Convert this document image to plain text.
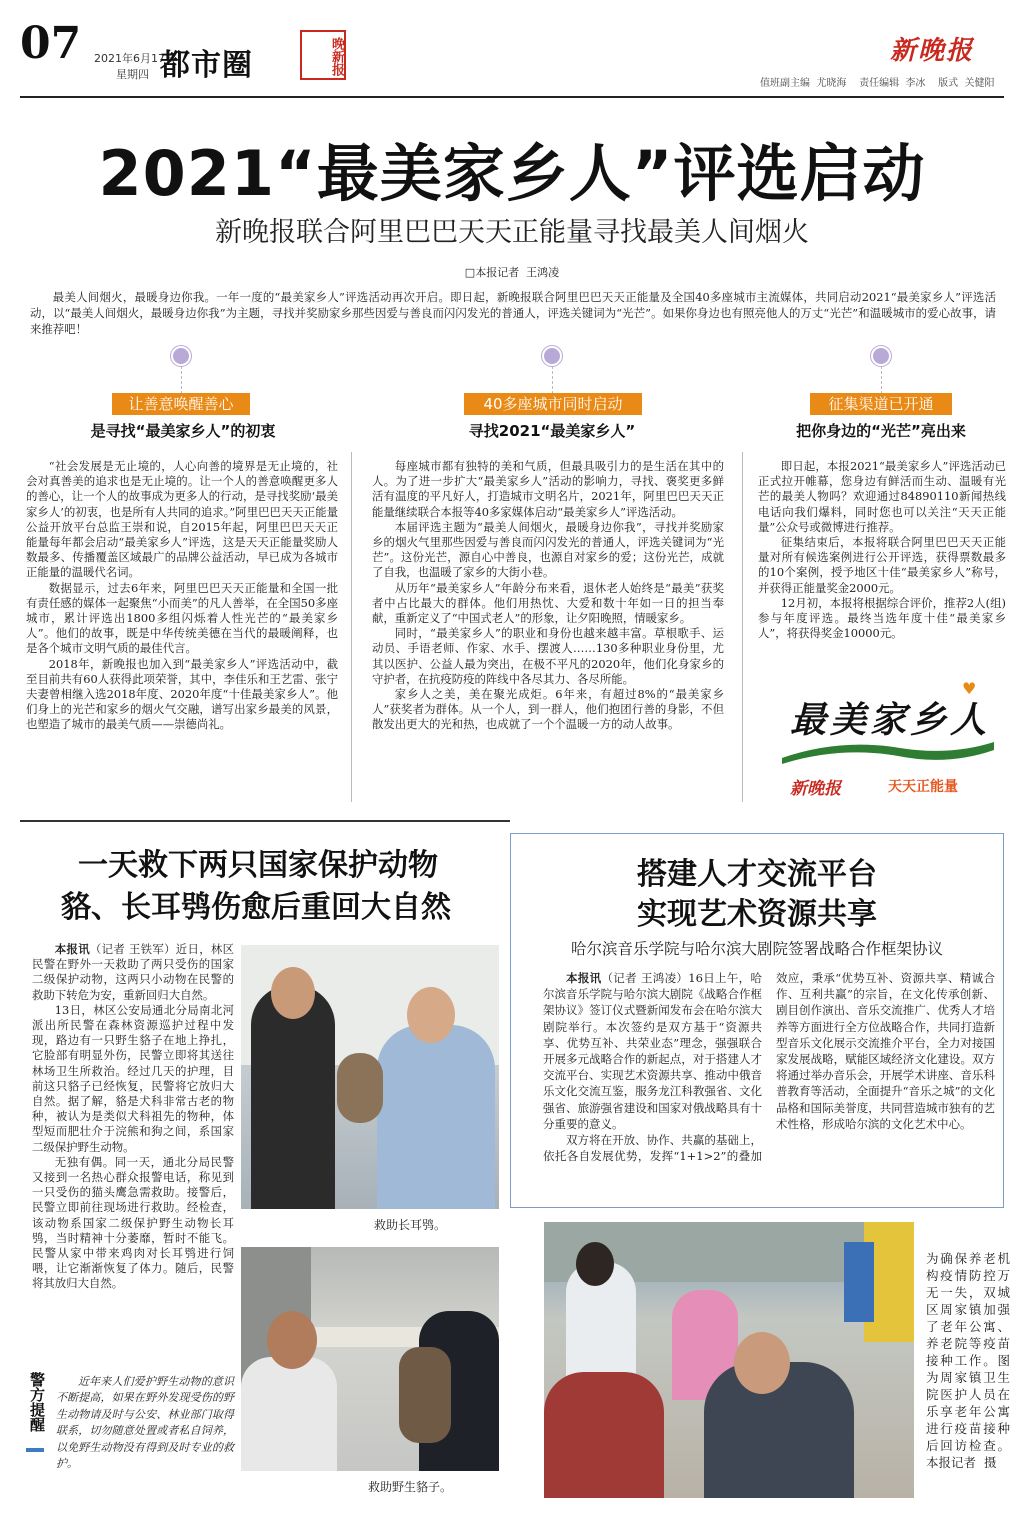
07 2021年6月17日
星期四 都市圈	晚新报	新晚报
值班副主编  尤晓海    责任编辑  李冰    版式  关健阳
2021“最美家乡人”评选启动
新晚报联合阿里巴巴天天正能量寻找最美人间烟火
□本报记者  王鸿凌

最美人间烟火，最暖身边你我。一年一度的“最美家乡人”评选活动再次开启。即日起，新晚报联合阿里巴巴天天正能量及全国40多座城市主流媒体，共同启动2021“最美家乡人”评选活动，以“最美人间烟火，最暖身边你我”为主题，寻找并奖励家乡那些因爱与善良而闪闪发光的普通人，评选关键词为“光芒”。如果你身边也有照亮他人的万丈“光芒”和温暖城市的爱心故事，请来推荐吧！

让善意唤醒善心
是寻找“最美家乡人”的初衷

“社会发展是无止境的，人心向善的境界是无止境的，社会对真善美的追求也是无止境的。让一个人的善意唤醒更多人的善心，让一个人的故事成为更多人的行动，是寻找奖励‘最美家乡人’的初衷，也是所有人共同的追求。”阿里巴巴天天正能量公益开放平台总监王崇和说，自2015年起，阿里巴巴天天正能量每年都会启动“最美家乡人”评选，这是天天正能量奖励人数最多、传播覆盖区域最广的品牌公益活动，早已成为各城市正能量的温暖代名词。

数据显示，过去6年来，阿里巴巴天天正能量和全国一批有责任感的媒体一起聚焦“小而美”的凡人善举，在全国50多座城市，累计评选出1800多组闪烁着人性光芒的“最美家乡人”。他们的故事，既是中华传统美德在当代的最暖阐释，也是各个城市文明气质的最佳代言。

2018年，新晚报也加入到“最美家乡人”评选活动中，截至目前共有60人获得此项荣誉，其中，李佳乐和王艺雷、张宁夫妻曾相继入选2018年度、2020年度“十佳最美家乡人”。他们身上的光芒和家乡的烟火气交融，谱写出家乡最美的风景，也塑造了城市的最美气质——崇德尚礼。

40多座城市同时启动
寻找2021“最美家乡人”

每座城市都有独特的美和气质，但最具吸引力的是生活在其中的人。为了进一步扩大“最美家乡人”活动的影响力，寻找、褒奖更多鲜活有温度的平凡好人，打造城市文明名片，2021年，阿里巴巴天天正能量继续联合本报等40多家媒体启动“最美家乡人”评选活动。

本届评选主题为“最美人间烟火，最暖身边你我”，寻找并奖励家乡的烟火气里那些因爱与善良而闪闪发光的普通人，评选关键词为“光芒”。这份光芒，源自心中善良，也源自对家乡的爱；这份光芒，成就了自我，也温暖了家乡的大街小巷。

从历年“最美家乡人”年龄分布来看，退休老人始终是“最美”获奖者中占比最大的群体。他们用热忱、大爱和数十年如一日的担当奉献，重新定义了“中国式老人”的形象，让夕阳晚照，情暖家乡。

同时，“最美家乡人”的职业和身份也越来越丰富。草根歌手、运动员、手语老师、作家、水手、摆渡人……130多种职业身份里，尤其以医护、公益人最为突出，在极不平凡的2020年，他们化身家乡的守护者，在抗疫防疫的阵线中各尽其力、各尽所能。

家乡人之美，美在聚光成炬。6年来，有超过8%的“最美家乡人”获奖者为群体。从一个人，到一群人，他们抱团行善的身影，不但散发出更大的光和热，也成就了一个个温暖一方的动人故事。

征集渠道已开通
把你身边的“光芒”亮出来

即日起，本报2021“最美家乡人”评选活动已正式拉开帷幕，您身边有鲜活而生动、温暖有光芒的最美人物吗？欢迎通过84890110新闻热线电话向我们爆料，同时您也可以关注“天天正能量”公众号或微博进行推荐。

征集结束后，本报将联合阿里巴巴天天正能量对所有候选案例进行公开评选，获得票数最多的10个案例，授予地区十佳“最美家乡人”称号，并获得正能量奖金2000元。

12月初，本报将根据综合评价，推荐2人(组)参与年度评选。最终当选年度十佳“最美家乡人”，将获得奖金10000元。

♥
最美家乡人
新晚报	天天正能量
一天救下两只国家保护动物
貉、长耳鸮伤愈后重回大自然

本报讯（记者 王铁军）近日，林区民警在野外一天救助了两只受伤的国家二级保护动物，这两只小动物在民警的救助下转危为安，重新回归大自然。

13日，林区公安局通北分局南北河派出所民警在森林资源巡护过程中发现，路边有一只野生貉子在地上挣扎，它脸部有明显外伤，民警立即将其送往林场卫生所救治。经过几天的护理，目前这只貉子已经恢复，民警将它放归大自然。据了解，貉是犬科非常古老的物种，被认为是类似犬科祖先的物种，体型短而肥壮介于浣熊和狗之间，系国家二级保护野生动物。

无独有偶。同一天，通北分局民警又接到一名热心群众报警电话，称见到一只受伤的猫头鹰急需救助。接警后，民警立即前往现场进行救助。经检查，该动物系国家二级保护野生动物长耳鸮，当时精神十分萎靡，暂时不能飞。民警从家中带来鸡肉对长耳鸮进行饲喂，让它渐渐恢复了体力。随后，民警将其放归大自然。

救助长耳鸮。
救助野生貉子。
警方提醒	近年来人们爱护野生动物的意识不断提高，如果在野外发现受伤的野生动物请及时与公安、林业部门取得联系，切勿随意处置或者私自饲养，以免野生动物没有得到及时专业的救护。

搭建人才交流平台
实现艺术资源共享
哈尔滨音乐学院与哈尔滨大剧院签署战略合作框架协议

本报讯（记者 王鸿凌）16日上午，哈尔滨音乐学院与哈尔滨大剧院《战略合作框架协议》签订仪式暨新闻发布会在哈尔滨大剧院举行。本次签约是双方基于“资源共享、优势互补、共荣业态”理念，强强联合开展多元战略合作的新起点，对于搭建人才交流平台、实现艺术资源共享、推动中俄音乐文化交流互鉴，服务龙江科教强省、文化强省、旅游强省建设和国家对俄战略具有十分重要的意义。

双方将在开放、协作、共赢的基础上，依托各自发展优势，发挥“1+1>2”的叠加效应，秉承“优势互补、资源共享、精诚合作、互利共赢”的宗旨，在文化传承创新、剧目创作演出、音乐交流推广、优秀人才培养等方面进行全方位战略合作，共同打造新型音乐文化展示交流推介平台，全力对接国家发展战略，赋能区域经济文化建设。双方将通过举办音乐会，开展学术讲座、音乐科普教育等活动，全面提升“音乐之城”的文化品格和国际美誉度，共同营造城市独有的艺术性格，形成哈尔滨的文化艺术中心。

为确保养老机构疫情防控万无一失，双城区周家镇加强了老年公寓、养老院等疫苗接种工作。图为周家镇卫生院医护人员在乐享老年公寓进行疫苗接种后回访检查。 本报记者  摄
